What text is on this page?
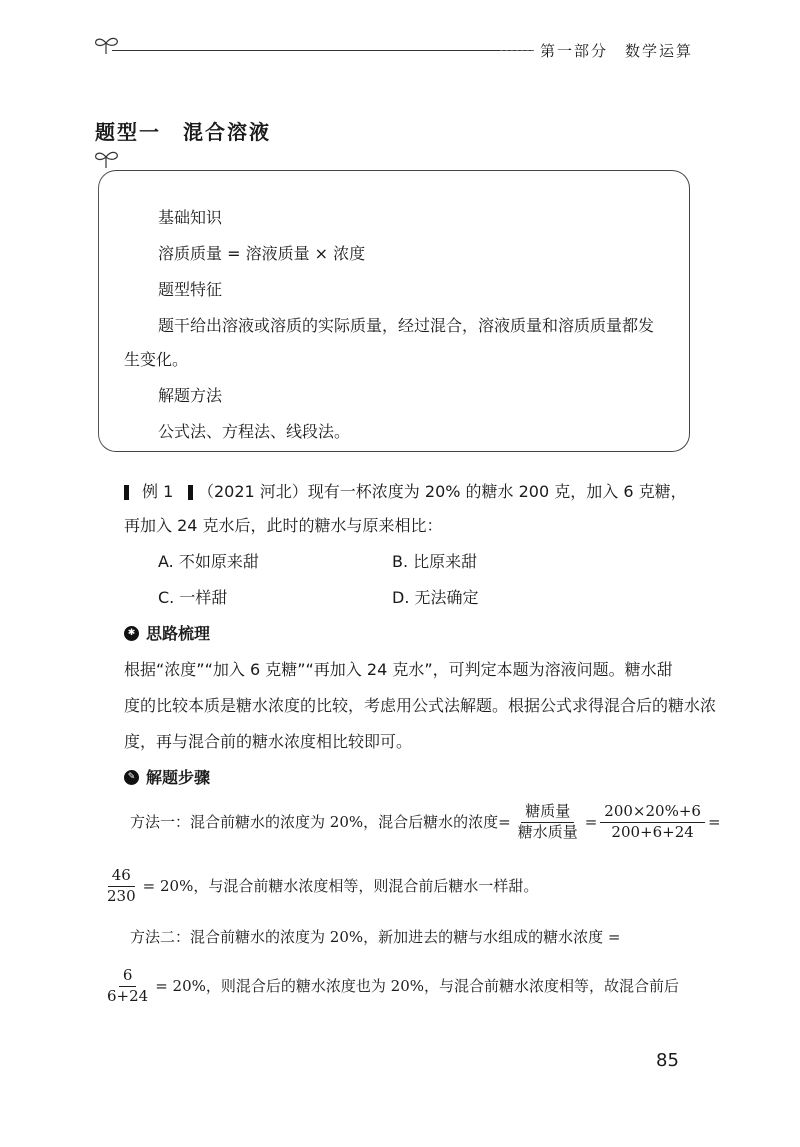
第一部分　数学运算
题型一　混合溶液
基础知识
溶质质量 = 溶液质量 × 浓度
题型特征
题干给出溶液或溶质的实际质量，经过混合，溶液质量和溶质质量都发
生变化。
解题方法
公式法、方程法、线段法。
例 1 （2021 河北）现有一杯浓度为 20% 的糖水 200 克，加入 6 克糖，
再加入 24 克水后，此时的糖水与原来相比：
A. 不如原来甜	B. 比原来甜
C. 一样甜	D. 无法确定
✱ 思路梳理
根据“浓度”“加入 6 克糖”“再加入 24 克水”，可判定本题为溶液问题。糖水甜
度的比较本质是糖水浓度的比较，考虑用公式法解题。根据公式求得混合后的糖水浓
度，再与混合前的糖水浓度相比较即可。
✎ 解题步骤
方法一：混合前糖水的浓度为 20%，混合后糖水的浓度= $\frac{\text{糖质量}}{\text{糖水质量}} = \frac{200\times 20\%+6}{200+6+24}$ =
$\frac{46}{230} = 20\%$，与混合前糖水浓度相等，则混合前后糖水一样甜。
方法二：混合前糖水的浓度为 20%，新加进去的糖与水组成的糖水浓度 =
$\frac{6}{6+24} = 20\%$，则混合后的糖水浓度也为 20%，与混合前糖水浓度相等，故混合前后
85
